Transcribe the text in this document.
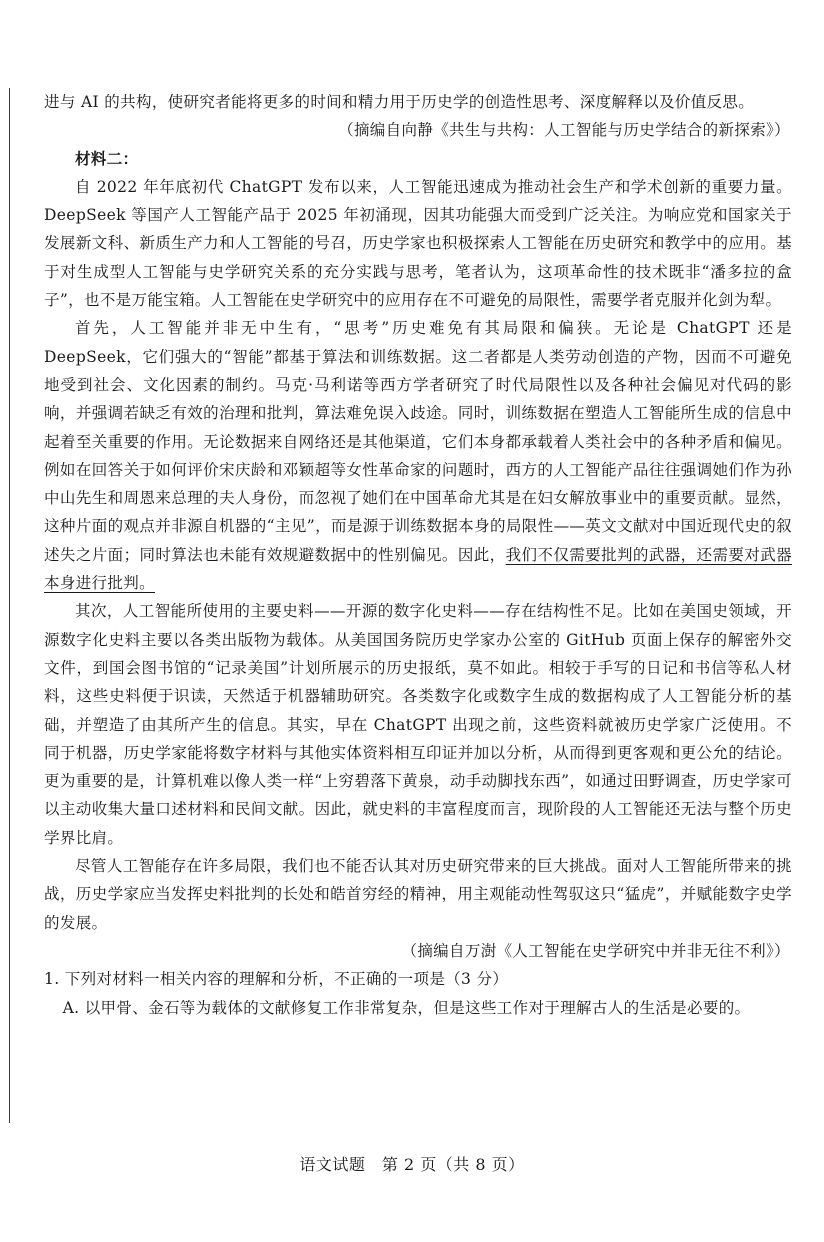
进与 AI 的共构，使研究者能将更多的时间和精力用于历史学的创造性思考、深度解释以及价值反思。

（摘编自向静《共生与共构：人工智能与历史学结合的新探索》）

材料二：

自 2022 年年底初代 ChatGPT 发布以来，人工智能迅速成为推动社会生产和学术创新的重要力量。DeepSeek 等国产人工智能产品于 2025 年初涌现，因其功能强大而受到广泛关注。为响应党和国家关于发展新文科、新质生产力和人工智能的号召，历史学家也积极探索人工智能在历史研究和教学中的应用。基于对生成型人工智能与史学研究关系的充分实践与思考，笔者认为，这项革命性的技术既非“潘多拉的盒子”，也不是万能宝箱。人工智能在史学研究中的应用存在不可避免的局限性，需要学者克服并化剑为犁。

首先，人工智能并非无中生有，“思考”历史难免有其局限和偏狭。无论是 ChatGPT 还是 DeepSeek，它们强大的“智能”都基于算法和训练数据。这二者都是人类劳动创造的产物，因而不可避免地受到社会、文化因素的制约。马克·马利诺等西方学者研究了时代局限性以及各种社会偏见对代码的影响，并强调若缺乏有效的治理和批判，算法难免误入歧途。同时，训练数据在塑造人工智能所生成的信息中起着至关重要的作用。无论数据来自网络还是其他渠道，它们本身都承载着人类社会中的各种矛盾和偏见。例如在回答关于如何评价宋庆龄和邓颖超等女性革命家的问题时，西方的人工智能产品往往强调她们作为孙中山先生和周恩来总理的夫人身份，而忽视了她们在中国革命尤其是在妇女解放事业中的重要贡献。显然，这种片面的观点并非源自机器的“主见”，而是源于训练数据本身的局限性——英文文献对中国近现代史的叙述失之片面；同时算法也未能有效规避数据中的性别偏见。因此，我们不仅需要批判的武器，还需要对武器本身进行批判。

其次，人工智能所使用的主要史料——开源的数字化史料——存在结构性不足。比如在美国史领域，开源数字化史料主要以各类出版物为载体。从美国国务院历史学家办公室的 GitHub 页面上保存的解密外交文件，到国会图书馆的“记录美国”计划所展示的历史报纸，莫不如此。相较于手写的日记和书信等私人材料，这些史料便于识读，天然适于机器辅助研究。各类数字化或数字生成的数据构成了人工智能分析的基础，并塑造了由其所产生的信息。其实，早在 ChatGPT 出现之前，这些资料就被历史学家广泛使用。不同于机器，历史学家能将数字材料与其他实体资料相互印证并加以分析，从而得到更客观和更公允的结论。更为重要的是，计算机难以像人类一样“上穷碧落下黄泉，动手动脚找东西”，如通过田野调查，历史学家可以主动收集大量口述材料和民间文献。因此，就史料的丰富程度而言，现阶段的人工智能还无法与整个历史学界比肩。

尽管人工智能存在许多局限，我们也不能否认其对历史研究带来的巨大挑战。面对人工智能所带来的挑战，历史学家应当发挥史料批判的长处和皓首穷经的精神，用主观能动性驾驭这只“猛虎”，并赋能数字史学的发展。

（摘编自万澍《人工智能在史学研究中并非无往不利》）

1. 下列对材料一相关内容的理解和分析，不正确的一项是（3 分）

A. 以甲骨、金石等为载体的文献修复工作非常复杂，但是这些工作对于理解古人的生活是必要的。

语文试题　第 2 页（共 8 页）
